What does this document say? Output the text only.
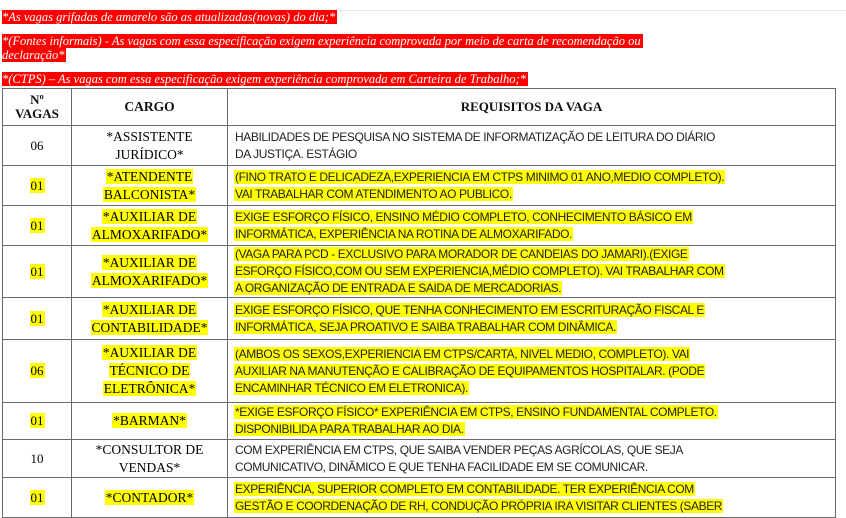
*As vagas grifadas de amarelo são as atualizadas(novas) do dia;*

*(Fontes informais) - As vagas com essa especificação exigem experiência comprovada por meio de carta de recomendação ou

declaração*

*(CTPS) – As vagas com essa especificação exigem experiência comprovada em Carteira de Trabalho;*

Nº
VAGAS	CARGO	REQUISITOS DA VAGA

06	*ASSISTENTE
JURÍDICO*	HABILIDADES DE PESQUISA NO SISTEMA DE INFORMATIZAÇÃO DE LEITURA DO DIÁRIO
DA JUSTIÇA. ESTÁGIO

01	*ATENDENTE
BALCONISTA*	(FINO TRATO E DELICADEZA,EXPERIENCIA EM CTPS MINIMO 01 ANO,MEDIO COMPLETO).
VAI TRABALHAR COM ATENDIMENTO AO PUBLICO.

01	*AUXILIAR DE
ALMOXARIFADO*	EXIGE ESFORÇO FÍSICO, ENSINO MÉDIO COMPLETO, CONHECIMENTO BÁSICO EM
INFORMÁTICA, EXPERIÊNCIA NA ROTINA DE ALMOXARIFADO.

01	*AUXILIAR DE
ALMOXARIFADO*	(VAGA PARA PCD - EXCLUSIVO PARA MORADOR DE CANDEIAS DO JAMARI).(EXIGE
ESFORÇO FÍSICO,COM OU SEM EXPERIENCIA,MÉDIO COMPLETO). VAI TRABALHAR COM
A ORGANIZAÇÃO DE ENTRADA E SAIDA DE MERCADORIAS.

01	*AUXILIAR DE
CONTABILIDADE*	EXIGE ESFORÇO FÍSICO, QUE TENHA CONHECIMENTO EM ESCRITURAÇÃO FISCAL E
INFORMÁTICA, SEJA PROATIVO E SAIBA TRABALHAR COM DINÂMICA.

06	*AUXILIAR DE
TÉCNICO DE
ELETRÔNICA*	(AMBOS OS SEXOS,EXPERIENCIA EM CTPS/CARTA, NIVEL MEDIO, COMPLETO). VAI
AUXILIAR NA MANUTENÇÃO E CALIBRAÇÃO DE EQUIPAMENTOS HOSPITALAR. (PODE
ENCAMINHAR TÉCNICO EM ELETRONICA).

01	*BARMAN*	*EXIGE ESFORÇO FÍSICO* EXPERIÊNCIA EM CTPS, ENSINO FUNDAMENTAL COMPLETO.
DISPONIBILIDA PARA TRABALHAR AO DIA.

10	*CONSULTOR DE
VENDAS*	COM EXPERIÊNCIA EM CTPS, QUE SAIBA VENDER PEÇAS AGRÍCOLAS, QUE SEJA
COMUNICATIVO, DINÂMICO E QUE TENHA FACILIDADE EM SE COMUNICAR.

01	*CONTADOR*	EXPERIÊNCIA, SUPERIOR COMPLETO EM CONTABILIDADE. TER EXPERIÊNCIA COM
GESTÃO E COORDENAÇÃO DE RH, CONDUÇÃO PRÓPRIA IRA VISITAR CLIENTES (SABER
